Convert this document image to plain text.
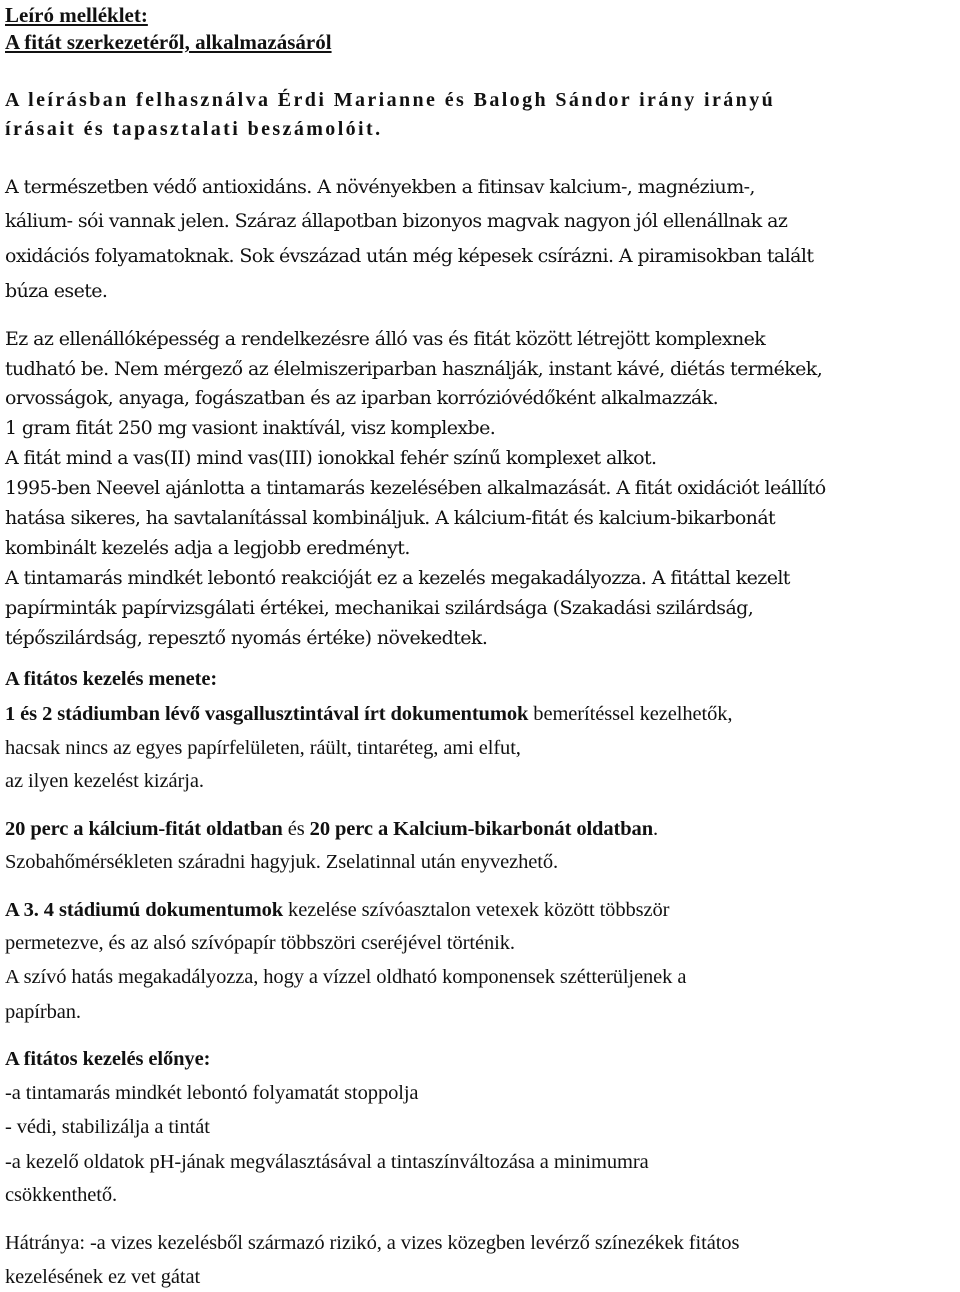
Leíró melléklet:

A fitát szerkezetéről, alkalmazásáról

A leírásban felhasználva Érdi Marianne és Balogh Sándor irány irányú

írásait és tapasztalati beszámolóit.

A természetben védő antioxidáns. A növényekben a fitinsav kalcium-, magnézium-,

kálium- sói vannak jelen. Száraz állapotban bizonyos magvak nagyon jól ellenállnak az

oxidációs folyamatoknak. Sok évszázad után még képesek csírázni. A piramisokban talált

búza esete.

Ez az ellenállóképesség a rendelkezésre álló vas és fitát között létrejött komplexnek

tudható be. Nem mérgező az élelmiszeriparban használják, instant kávé, diétás termékek,

orvosságok, anyaga, fogászatban és az iparban korrózióvédőként alkalmazzák.

1 gram fitát 250 mg vasiont inaktívál, visz komplexbe.

A fitát mind a vas(II) mind vas(III) ionokkal fehér színű komplexet alkot.

1995-ben Neevel ajánlotta a tintamarás kezelésében alkalmazását. A fitát oxidációt leállító

hatása sikeres, ha savtalanítással kombináljuk. A kálcium-fitát és kalcium-bikarbonát

kombinált kezelés adja a legjobb eredményt.

A tintamarás mindkét lebontó reakcióját ez a kezelés megakadályozza. A fitáttal kezelt

papírminták papírvizsgálati értékei, mechanikai szilárdsága (Szakadási szilárdság,

tépőszilárdság, repesztő nyomás értéke) növekedtek.

A fitátos kezelés menete:

1 és 2 stádiumban lévő vasgallusztintával írt dokumentumok bemerítéssel kezelhetők,

hacsak nincs az egyes papírfelületen, ráült, tintaréteg, ami elfut,

az ilyen kezelést kizárja.

20 perc a kálcium-fitát oldatban és 20 perc a Kalcium-bikarbonát oldatban.

Szobahőmérsékleten száradni hagyjuk. Zselatinnal után enyvezhető.

A 3. 4 stádiumú dokumentumok kezelése szívóasztalon vetexek között többször

permetezve, és az alsó szívópapír többszöri cseréjével történik.

A szívó hatás megakadályozza, hogy a vízzel oldható komponensek szétterüljenek a

papírban.

A fitátos kezelés előnye:

-a tintamarás mindkét lebontó folyamatát stoppolja

- védi, stabilizálja a tintát

-a kezelő oldatok pH-jának megválasztásával a tintaszínváltozása a minimumra

csökkenthető.

Hátránya: -a vizes kezelésből származó rizikó, a vizes közegben levérző színezékek fitátos

kezelésének ez vet gátat
